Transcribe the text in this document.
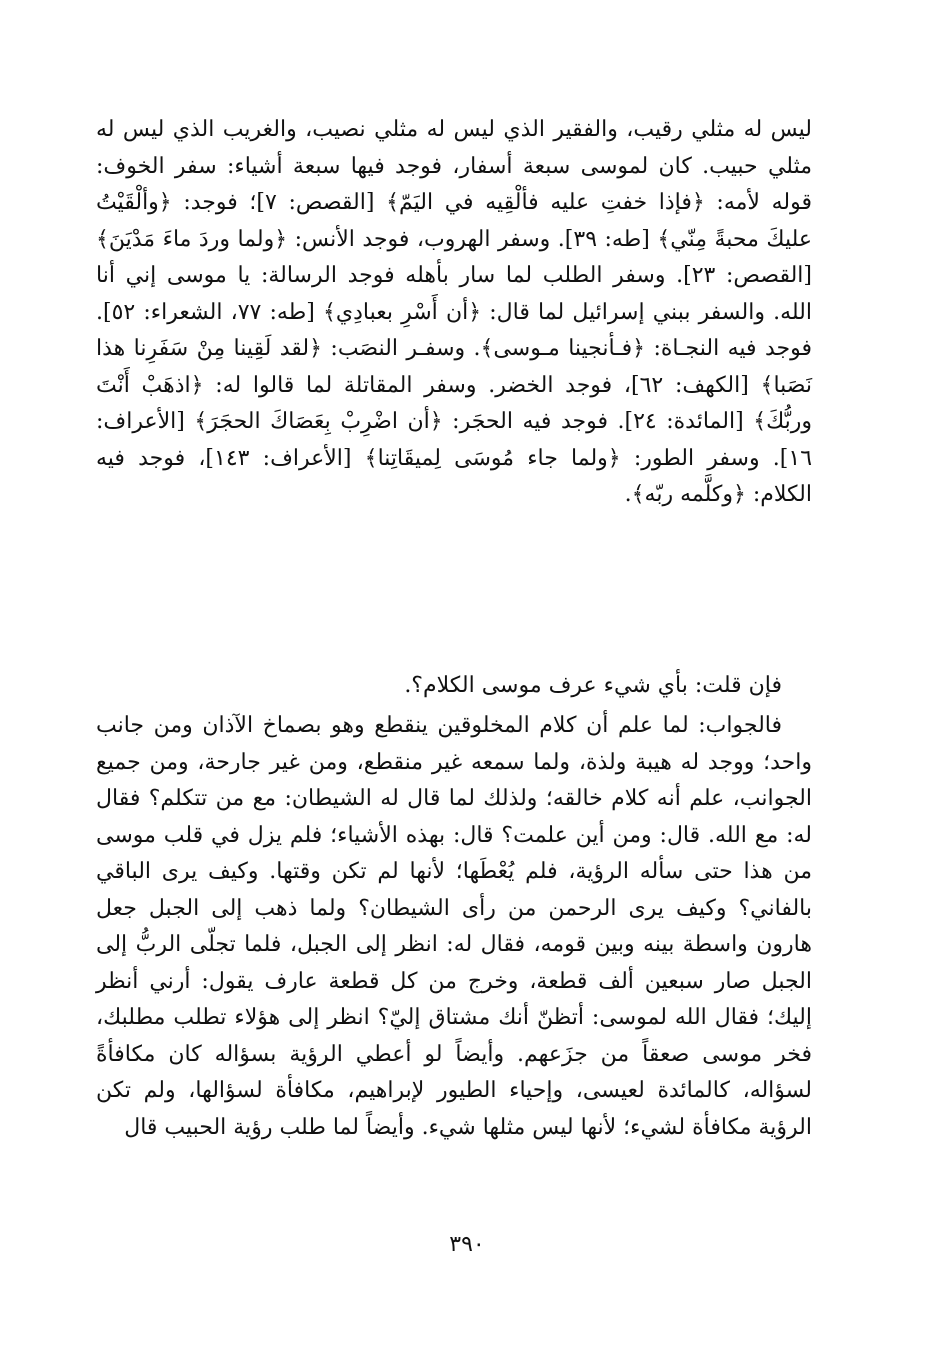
ليس له مثلي رقيب، والفقير الذي ليس له مثلي نصيب، والغريب الذي ليس له مثلي حبيب. كان لموسى سبعة أسفار، فوجد فيها سبعة أشياء: سفر الخوف: قوله لأمه: ﴿فإذا خفتِ عليه فألْقِيه في اليَمّ﴾ [القصص: ٧]؛ فوجد: ﴿وألْقَيْتُ عليكَ محبةً مِنّي﴾ [طه: ٣٩]. وسفر الهروب، فوجد الأنس: ﴿ولما وردَ ماءَ مَدْيَنَ﴾ [القصص: ٢٣]. وسفر الطلب لما سار بأهله فوجد الرسالة: يا موسى إني أنا الله. والسفر ببني إسرائيل لما قال: ﴿أن أَسْرِ بعبادِي﴾ [طه: ٧٧، الشعراء: ٥٢]. فوجد فيه النجـاة: ﴿فـأنجينا مـوسى﴾. وسفـر النصَب: ﴿لقد لَقِينا مِنْ سَفَرِنا هذا نَصَبا﴾ [الكهف: ٦٢]، فوجد الخضر. وسفر المقاتلة لما قالوا له: ﴿اذهَبْ أَنْتَ وربُّكَ﴾ [المائدة: ٢٤]. فوجد فيه الحجَر: ﴿أن اضْرِبْ بِعَصَاكَ الحجَرَ﴾ [الأعراف: ١٦]. وسفر الطور: ﴿ولما جاء مُوسَى لِميقَاتِنا﴾ [الأعراف: ١٤٣]، فوجد فيه الكلام: ﴿وكلَّمه ربّه﴾.

فإن قلت: بأي شيء عرف موسى الكلام؟.

فالجواب: لما علم أن كلام المخلوقين ينقطع وهو بصماخ الآذان ومن جانب واحد؛ ووجد له هيبة ولذة، ولما سمعه غير منقطع، ومن غير جارحة، ومن جميع الجوانب، علم أنه كلام خالقه؛ ولذلك لما قال له الشيطان: مع من تتكلم؟ فقال له: مع الله. قال: ومن أين علمت؟ قال: بهذه الأشياء؛ فلم يزل في قلب موسى من هذا حتى سأله الرؤية، فلم يُعْطَها؛ لأنها لم تكن وقتها. وكيف يرى الباقي بالفاني؟ وكيف يرى الرحمن من رأى الشيطان؟ ولما ذهب إلى الجبل جعل هارون واسطة بينه وبين قومه، فقال له: انظر إلى الجبل، فلما تجلّى الربُّ إلى الجبل صار سبعين ألف قطعة، وخرج من كل قطعة عارف يقول: أرني أنظر إليك؛ فقال الله لموسى: أتظنّ أنك مشتاق إليّ؟ انظر إلى هؤلاء تطلب مطلبك، فخر موسى صعقاً من جزَعهم. وأيضاً لو أعطي الرؤية بسؤاله كان مكافأةً لسؤاله، كالمائدة لعيسى، وإحياء الطيور لإبراهيم، مكافأة لسؤالها، ولم تكن الرؤية مكافأة لشيء؛ لأنها ليس مثلها شيء. وأيضاً لما طلب رؤية الحبيب قال

٣٩٠
